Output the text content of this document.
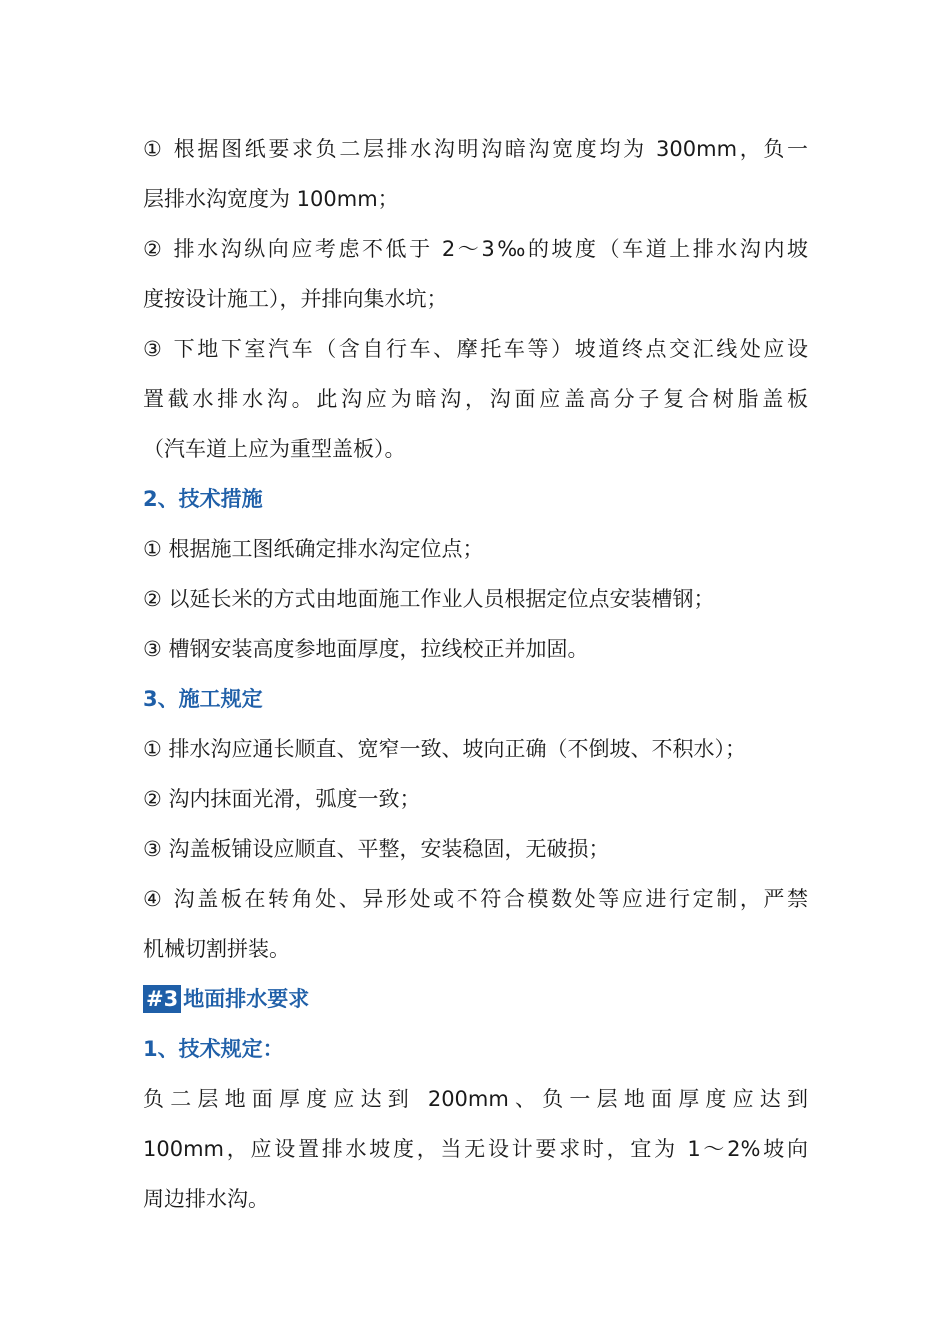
① 根据图纸要求负二层排水沟明沟暗沟宽度均为 300mm，负一
层排水沟宽度为 100mm；
② 排水沟纵向应考虑不低于 2～3‰的坡度（车道上排水沟内坡
度按设计施工），并排向集水坑；
③ 下地下室汽车（含自行车、摩托车等）坡道终点交汇线处应设
置截水排水沟。此沟应为暗沟，沟面应盖高分子复合树脂盖板
（汽车道上应为重型盖板）。
2、技术措施
① 根据施工图纸确定排水沟定位点；
② 以延长米的方式由地面施工作业人员根据定位点安装槽钢；
③ 槽钢安装高度参地面厚度，拉线校正并加固。
3、施工规定
① 排水沟应通长顺直、宽窄一致、坡向正确（不倒坡、不积水）；
② 沟内抹面光滑，弧度一致；
③ 沟盖板铺设应顺直、平整，安装稳固，无破损；
④ 沟盖板在转角处、异形处或不符合模数处等应进行定制，严禁
机械切割拼装。
#3 地面排水要求
1、技术规定：
负二层地面厚度应达到 200mm、负一层地面厚度应达到
100mm，应设置排水坡度，当无设计要求时，宜为 1～2%坡向
周边排水沟。
